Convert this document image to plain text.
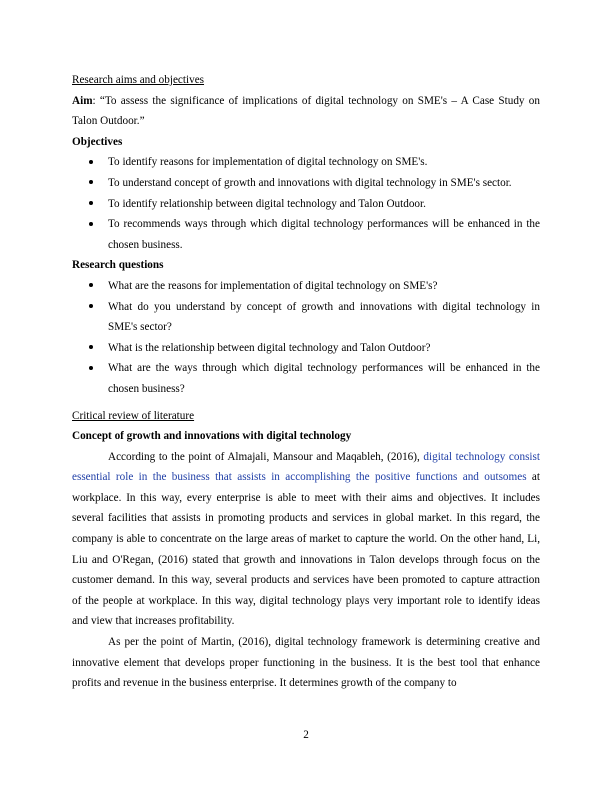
Research aims and objectives
Aim: “To assess the significance of implications of digital technology on SME's – A Case Study on Talon Outdoor.”
Objectives
To identify reasons for implementation of digital technology on SME's.
To understand concept of growth and innovations with digital technology in SME's sector.
To identify relationship between digital technology and Talon Outdoor.
To recommends ways through which digital technology performances will be enhanced in the chosen business.
Research questions
What are the reasons for implementation of digital technology on SME's?
What do you understand by concept of growth and innovations with digital technology in SME's sector?
What is the relationship between digital technology and Talon Outdoor?
What are the ways through which digital technology performances will be enhanced in the chosen business?
Critical review of literature
Concept of growth and innovations with digital technology

According to the point of Almajali, Mansour and Maqableh, (2016), digital technology consist essential role in the business that assists in accomplishing the positive functions and outsomes at workplace. In this way, every enterprise is able to meet with their aims and objectives. It includes several facilities that assists in promoting products and services in global market. In this regard, the company is able to concentrate on the large areas of market to capture the world. On the other hand, Li, Liu and O'Regan, (2016) stated that growth and innovations in Talon develops through focus on the customer demand. In this way, several products and services have been promoted to capture attraction of the people at workplace. In this way, digital technology plays very important role to identify ideas and view that increases profitability.

As per the point of Martin, (2016), digital technology framework is determining creative and innovative element that develops proper functioning in the business. It is the best tool that enhance profits and revenue in the business enterprise. It determines growth of the company to

2
